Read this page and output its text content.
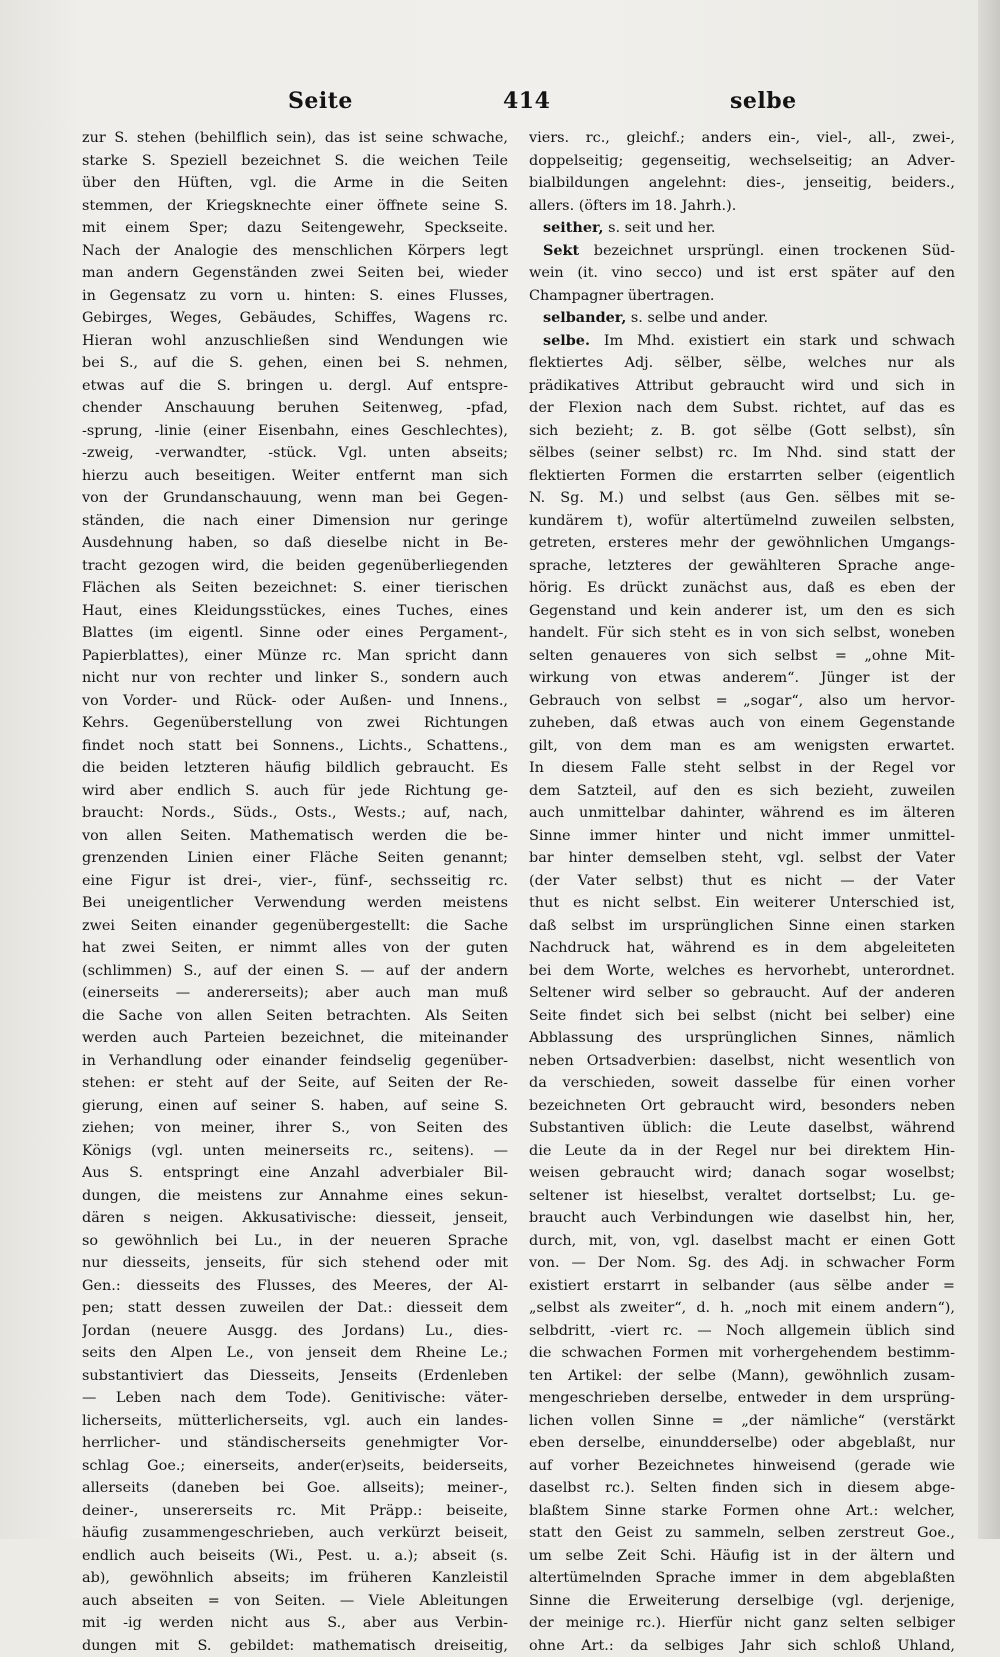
Seite	414	selbe
zur S. stehen (behilflich sein), das ist seine schwache,
starke S. Speziell bezeichnet S. die weichen Teile
über den Hüften, vgl. die Arme in die Seiten
stemmen, der Kriegsknechte einer öffnete seine S.
mit einem Sper; dazu Seitengewehr, Speckseite.
Nach der Analogie des menschlichen Körpers legt
man andern Gegenständen zwei Seiten bei, wieder
in Gegensatz zu vorn u. hinten: S. eines Flusses,
Gebirges, Weges, Gebäudes, Schiffes, Wagens rc.
Hieran wohl anzuschließen sind Wendungen wie
bei S., auf die S. gehen, einen bei S. nehmen,
etwas auf die S. bringen u. dergl. Auf entspre-
chender Anschauung beruhen Seitenweg, -pfad,
-sprung, -linie (einer Eisenbahn, eines Geschlechtes),
-zweig, -verwandter, -stück. Vgl. unten abseits;
hierzu auch beseitigen. Weiter entfernt man sich
von der Grundanschauung, wenn man bei Gegen-
ständen, die nach einer Dimension nur geringe
Ausdehnung haben, so daß dieselbe nicht in Be-
tracht gezogen wird, die beiden gegenüberliegenden
Flächen als Seiten bezeichnet: S. einer tierischen
Haut, eines Kleidungsstückes, eines Tuches, eines
Blattes (im eigentl. Sinne oder eines Pergament-,
Papierblattes), einer Münze rc. Man spricht dann
nicht nur von rechter und linker S., sondern auch
von Vorder- und Rück- oder Außen- und Innens.,
Kehrs. Gegenüberstellung von zwei Richtungen
findet noch statt bei Sonnens., Lichts., Schattens.,
die beiden letzteren häufig bildlich gebraucht. Es
wird aber endlich S. auch für jede Richtung ge-
braucht: Nords., Süds., Osts., Wests.; auf, nach,
von allen Seiten. Mathematisch werden die be-
grenzenden Linien einer Fläche Seiten genannt;
eine Figur ist drei-, vier-, fünf-, sechsseitig rc.
Bei uneigentlicher Verwendung werden meistens
zwei Seiten einander gegenübergestellt: die Sache
hat zwei Seiten, er nimmt alles von der guten
(schlimmen) S., auf der einen S. — auf der andern
(einerseits — andererseits); aber auch man muß
die Sache von allen Seiten betrachten. Als Seiten
werden auch Parteien bezeichnet, die miteinander
in Verhandlung oder einander feindselig gegenüber-
stehen: er steht auf der Seite, auf Seiten der Re-
gierung, einen auf seiner S. haben, auf seine S.
ziehen; von meiner, ihrer S., von Seiten des
Königs (vgl. unten meinerseits rc., seitens). —
Aus S. entspringt eine Anzahl adverbialer Bil-
dungen, die meistens zur Annahme eines sekun-
dären s neigen. Akkusativische: diesseit, jenseit,
so gewöhnlich bei Lu., in der neueren Sprache
nur diesseits, jenseits, für sich stehend oder mit
Gen.: diesseits des Flusses, des Meeres, der Al-
pen; statt dessen zuweilen der Dat.: diesseit dem
Jordan (neuere Ausgg. des Jordans) Lu., dies-
seits den Alpen Le., von jenseit dem Rheine Le.;
substantiviert das Diesseits, Jenseits (Erdenleben
— Leben nach dem Tode). Genitivische: väter-
licherseits, mütterlicherseits, vgl. auch ein landes-
herrlicher- und ständischerseits genehmigter Vor-
schlag Goe.; einerseits, ander(er)seits, beiderseits,
allerseits (daneben bei Goe. allseits); meiner-,
deiner-, unsererseits rc. Mit Präpp.: beiseite,
häufig zusammengeschrieben, auch verkürzt beiseit,
endlich auch beiseits (Wi., Pest. u. a.); abseit (s.
ab), gewöhnlich abseits; im früheren Kanzleistil
auch abseiten = von Seiten. — Viele Ableitungen
mit -ig werden nicht aus S., aber aus Verbin-
dungen mit S. gebildet: mathematisch dreiseitig,
viers. rc., gleichf.; anders ein-, viel-, all-, zwei-,
doppelseitig; gegenseitig, wechselseitig; an Adver-
bialbildungen angelehnt: dies-, jenseitig, beiders.,
allers. (öfters im 18. Jahrh.).
seither, s. seit und her.
Sekt bezeichnet ursprüngl. einen trockenen Süd-
wein (it. vino secco) und ist erst später auf den
Champagner übertragen.
selbander, s. selbe und ander.
selbe. Im Mhd. existiert ein stark und schwach
flektiertes Adj. sëlber, sëlbe, welches nur als
prädikatives Attribut gebraucht wird und sich in
der Flexion nach dem Subst. richtet, auf das es
sich bezieht; z. B. got sëlbe (Gott selbst), sîn
sëlbes (seiner selbst) rc. Im Nhd. sind statt der
flektierten Formen die erstarrten selber (eigentlich
N. Sg. M.) und selbst (aus Gen. sëlbes mit se-
kundärem t), wofür altertümelnd zuweilen selbsten,
getreten, ersteres mehr der gewöhnlichen Umgangs-
sprache, letzteres der gewählteren Sprache ange-
hörig. Es drückt zunächst aus, daß es eben der
Gegenstand und kein anderer ist, um den es sich
handelt. Für sich steht es in von sich selbst, woneben
selten genaueres von sich selbst = „ohne Mit-
wirkung von etwas anderem“. Jünger ist der
Gebrauch von selbst = „sogar“, also um hervor-
zuheben, daß etwas auch von einem Gegenstande
gilt, von dem man es am wenigsten erwartet.
In diesem Falle steht selbst in der Regel vor
dem Satzteil, auf den es sich bezieht, zuweilen
auch unmittelbar dahinter, während es im älteren
Sinne immer hinter und nicht immer unmittel-
bar hinter demselben steht, vgl. selbst der Vater
(der Vater selbst) thut es nicht — der Vater
thut es nicht selbst. Ein weiterer Unterschied ist,
daß selbst im ursprünglichen Sinne einen starken
Nachdruck hat, während es in dem abgeleiteten
bei dem Worte, welches es hervorhebt, unterordnet.
Seltener wird selber so gebraucht. Auf der anderen
Seite findet sich bei selbst (nicht bei selber) eine
Abblassung des ursprünglichen Sinnes, nämlich
neben Ortsadverbien: daselbst, nicht wesentlich von
da verschieden, soweit dasselbe für einen vorher
bezeichneten Ort gebraucht wird, besonders neben
Substantiven üblich: die Leute daselbst, während
die Leute da in der Regel nur bei direktem Hin-
weisen gebraucht wird; danach sogar woselbst;
seltener ist hieselbst, veraltet dortselbst; Lu. ge-
braucht auch Verbindungen wie daselbst hin, her,
durch, mit, von, vgl. daselbst macht er einen Gott
von. — Der Nom. Sg. des Adj. in schwacher Form
existiert erstarrt in selbander (aus sëlbe ander =
„selbst als zweiter“, d. h. „noch mit einem andern“),
selbdritt, -viert rc. — Noch allgemein üblich sind
die schwachen Formen mit vorhergehendem bestimm-
ten Artikel: der selbe (Mann), gewöhnlich zusam-
mengeschrieben derselbe, entweder in dem ursprüng-
lichen vollen Sinne = „der nämliche“ (verstärkt
eben derselbe, einundderselbe) oder abgeblaßt, nur
auf vorher Bezeichnetes hinweisend (gerade wie
daselbst rc.). Selten finden sich in diesem abge-
blaßtem Sinne starke Formen ohne Art.: welcher,
statt den Geist zu sammeln, selben zerstreut Goe.,
um selbe Zeit Schi. Häufig ist in der ältern und
altertümelnden Sprache immer in dem abgeblaßten
Sinne die Erweiterung derselbige (vgl. derjenige,
der meinige rc.). Hierfür nicht ganz selten selbiger
ohne Art.: da selbiges Jahr sich schloß Uhland,
